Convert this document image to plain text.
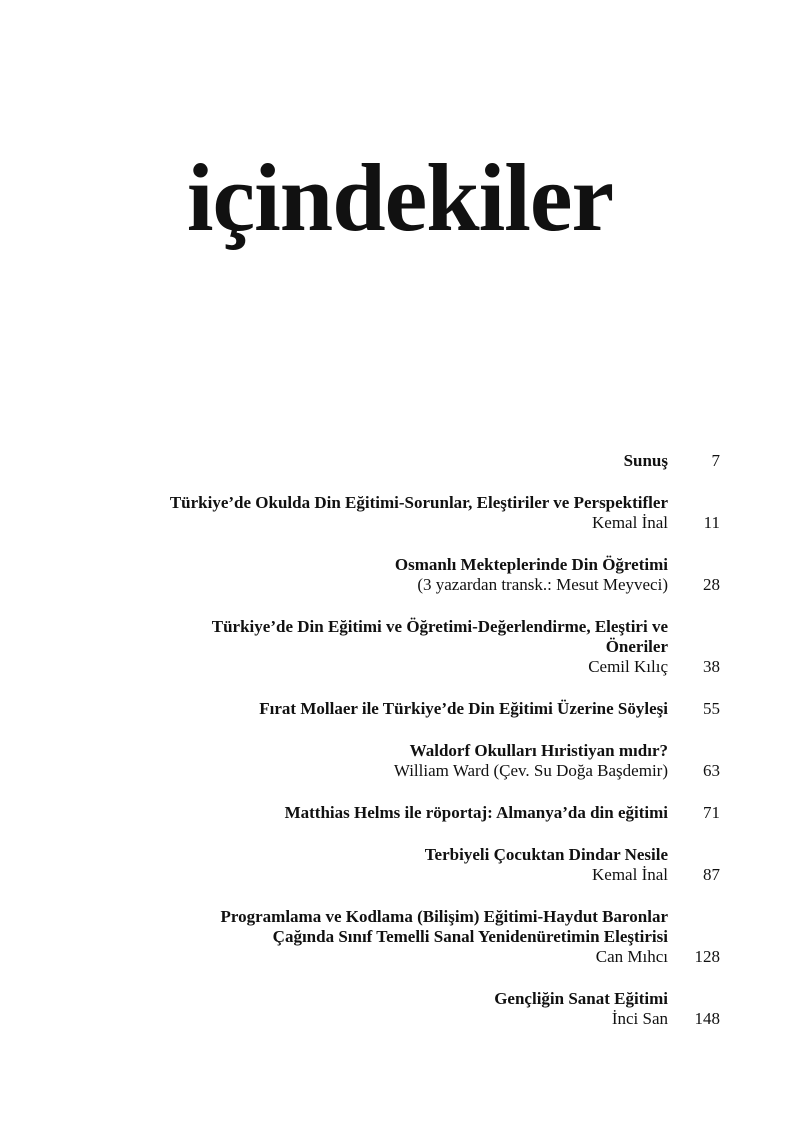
içindekiler
Sunuş	7
Türkiye’de Okulda Din Eğitimi-Sorunlar, Eleştiriler ve Perspektifler
Kemal İnal	11
Osmanlı Mekteplerinde Din Öğretimi
(3 yazardan transk.: Mesut Meyveci)	28
Türkiye’de Din Eğitimi ve Öğretimi-Değerlendirme, Eleştiri ve
Öneriler
Cemil Kılıç	38
Fırat Mollaer ile Türkiye’de Din Eğitimi Üzerine Söyleşi	55
Waldorf Okulları Hıristiyan mıdır?
William Ward (Çev. Su Doğa Başdemir)	63
Matthias Helms ile röportaj: Almanya’da din eğitimi	71
Terbiyeli Çocuktan Dindar Nesile
Kemal İnal	87
Programlama ve Kodlama (Bilişim) Eğitimi-Haydut Baronlar
Çağında Sınıf Temelli Sanal Yenidenüretimin Eleştirisi
Can Mıhcı	128
Gençliğin Sanat Eğitimi
İnci San	148
